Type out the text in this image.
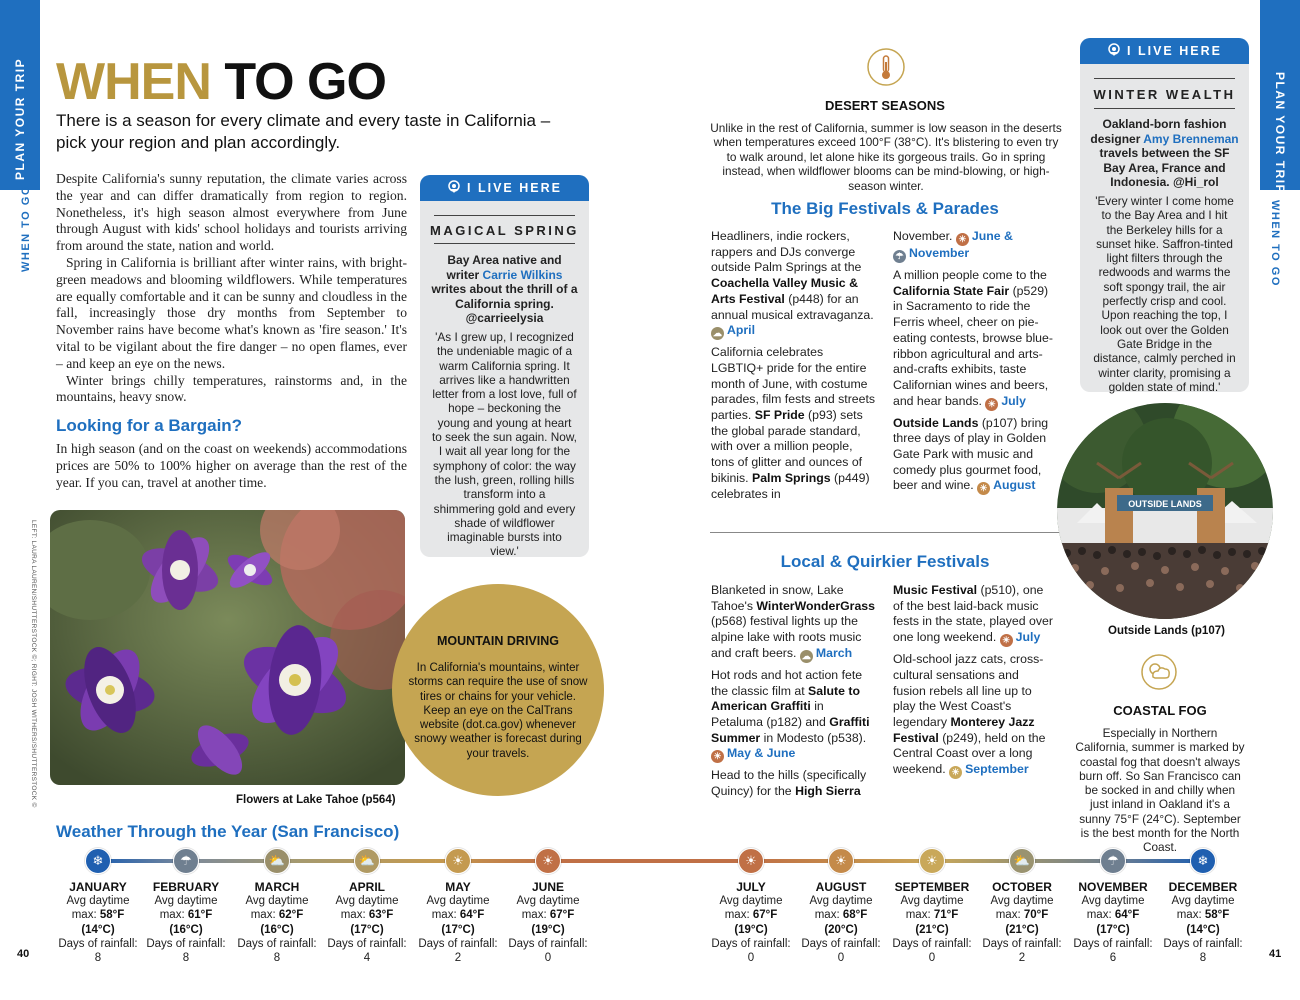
PLAN YOUR TRIP
WHEN TO GO
PLAN YOUR TRIP
WHEN TO GO
WHEN TO GO
There is a season for every climate and every taste in California – pick your region and plan accordingly.

Despite California's sunny reputation, the climate varies across the year and can differ dramatically from region to region. Nonetheless, it's high season almost everywhere from June through August with kids' school holidays and tourists arriving from around the state, nation and world.

Spring in California is brilliant after winter rains, with bright-green meadows and blooming wildflowers. While temperatures are equally comfortable and it can be sunny and cloudless in the fall, increasingly those dry months from September to November rains have become what's known as 'fire season.' It's vital to be vigilant about the fire danger – no open flames, ever – and keep an eye on the news.

Winter brings chilly temperatures, rainstorms and, in the mountains, heavy snow.

Looking for a Bargain?

In high season (and on the coast on weekends) accommodations prices are 50% to 100% higher on average than the rest of the year. If you can, travel at another time.

I LIVE HERE
MAGICAL SPRING
Bay Area native and writer Carrie Wilkins writes about the thrill of a California spring. @carrieelysia
'As I grew up, I recognized the undeniable magic of a warm California spring. It arrives like a handwritten letter from a lost love, full of hope – beckoning the young and young at heart to seek the sun again. Now, I wait all year long for the symphony of color: the way the lush, green, rolling hills transform into a shimmering gold and every shade of wildflower imaginable bursts into view.'
Flowers at Lake Tahoe (p564)
LEFT: LAURA LAUREN/SHUTTERSTOCK ©; RIGHT: JOSH WITHERS/SHUTTERSTOCK ©	MOUNTAIN DRIVING
In California's mountains, winter storms can require the use of snow tires or chains for your vehicle. Keep an eye on the CalTrans website (dot.ca.gov) whenever snowy weather is forecast during your travels.
DESERT SEASONS
Unlike in the rest of California, summer is low season in the deserts when temperatures exceed 100°F (38°C). It's blistering to even try to walk around, let alone hike its gorgeous trails. Go in spring instead, when wildflower blooms can be mind-blowing, or high-season winter.
The Big Festivals & Parades

Headliners, indie rockers, rappers and DJs converge outside Palm Springs at the Coachella Valley Music & Arts Festival (p448) for an annual musical extravaganza. ☁ April

California celebrates LGBTIQ+ pride for the entire month of June, with costume parades, film fests and streets parties. SF Pride (p93) sets the global parade standard, with over a million people, tons of glitter and ounces of bikinis. Palm Springs (p449) celebrates in

November. ☀ June &
☂ November

A million people come to the California State Fair (p529) in Sacramento to ride the Ferris wheel, cheer on pie-eating contests, browse blue-ribbon agricultural and arts-and-crafts exhibits, taste Californian wines and beers, and hear bands. ☀ July

Outside Lands (p107) bring three days of play in Golden Gate Park with music and comedy plus gourmet food, beer and wine. ☀ August

I LIVE HERE
WINTER WEALTH
Oakland-born fashion designer Amy Brenneman travels between the SF Bay Area, France and Indonesia. @Hi_rol
'Every winter I come home to the Bay Area and I hit the Berkeley hills for a sunset hike. Saffron-tinted light filters through the redwoods and warms the soft spongy trail, the air perfectly crisp and cool. Upon reaching the top, I look out over the Golden Gate Bridge in the distance, calmly perched in winter clarity, promising a golden state of mind.'
OUTSIDE LANDS
Outside Lands (p107)
Local & Quirkier Festivals

Blanketed in snow, Lake Tahoe's WinterWonderGrass (p568) festival lights up the alpine lake with roots music and craft beers. ☁ March

Hot rods and hot action fete the classic film at Salute to American Graffiti in Petaluma (p182) and Graffiti Summer in Modesto (p538). ☀ May & June

Head to the hills (specifically Quincy) for the High Sierra

Music Festival (p510), one of the best laid-back music fests in the state, played over one long weekend. ☀ July

Old-school jazz cats, cross-cultural sensations and fusion rebels all line up to play the West Coast's legendary Monterey Jazz Festival (p249), held on the Central Coast over a long weekend. ☀ September

COASTAL FOG
Especially in Northern California, summer is marked by coastal fog that doesn't always burn off. So San Francisco can be socked in and chilly when just inland in Oakland it's a sunny 75°F (24°C). September is the best month for the North Coast.
Weather Through the Year (San Francisco)
❄
JANUARY
Avg daytime
max: 58°F
(14°C)
Days of rainfall:
8
☂
FEBRUARY
Avg daytime
max: 61°F
(16°C)
Days of rainfall:
8
⛅
MARCH
Avg daytime
max: 62°F
(16°C)
Days of rainfall:
8
⛅
APRIL
Avg daytime
max: 63°F
(17°C)
Days of rainfall:
4
☀
MAY
Avg daytime
max: 64°F
(17°C)
Days of rainfall:
2
☀
JUNE
Avg daytime
max: 67°F
(19°C)
Days of rainfall:
0
☀
JULY
Avg daytime
max: 67°F
(19°C)
Days of rainfall:
0
☀
AUGUST
Avg daytime
max: 68°F
(20°C)
Days of rainfall:
0
☀
SEPTEMBER
Avg daytime
max: 71°F
(21°C)
Days of rainfall:
0
⛅
OCTOBER
Avg daytime
max: 70°F
(21°C)
Days of rainfall:
2
☂
NOVEMBER
Avg daytime
max: 64°F
(17°C)
Days of rainfall:
6
❄
DECEMBER
Avg daytime
max: 58°F
(14°C)
Days of rainfall:
8
40	41
